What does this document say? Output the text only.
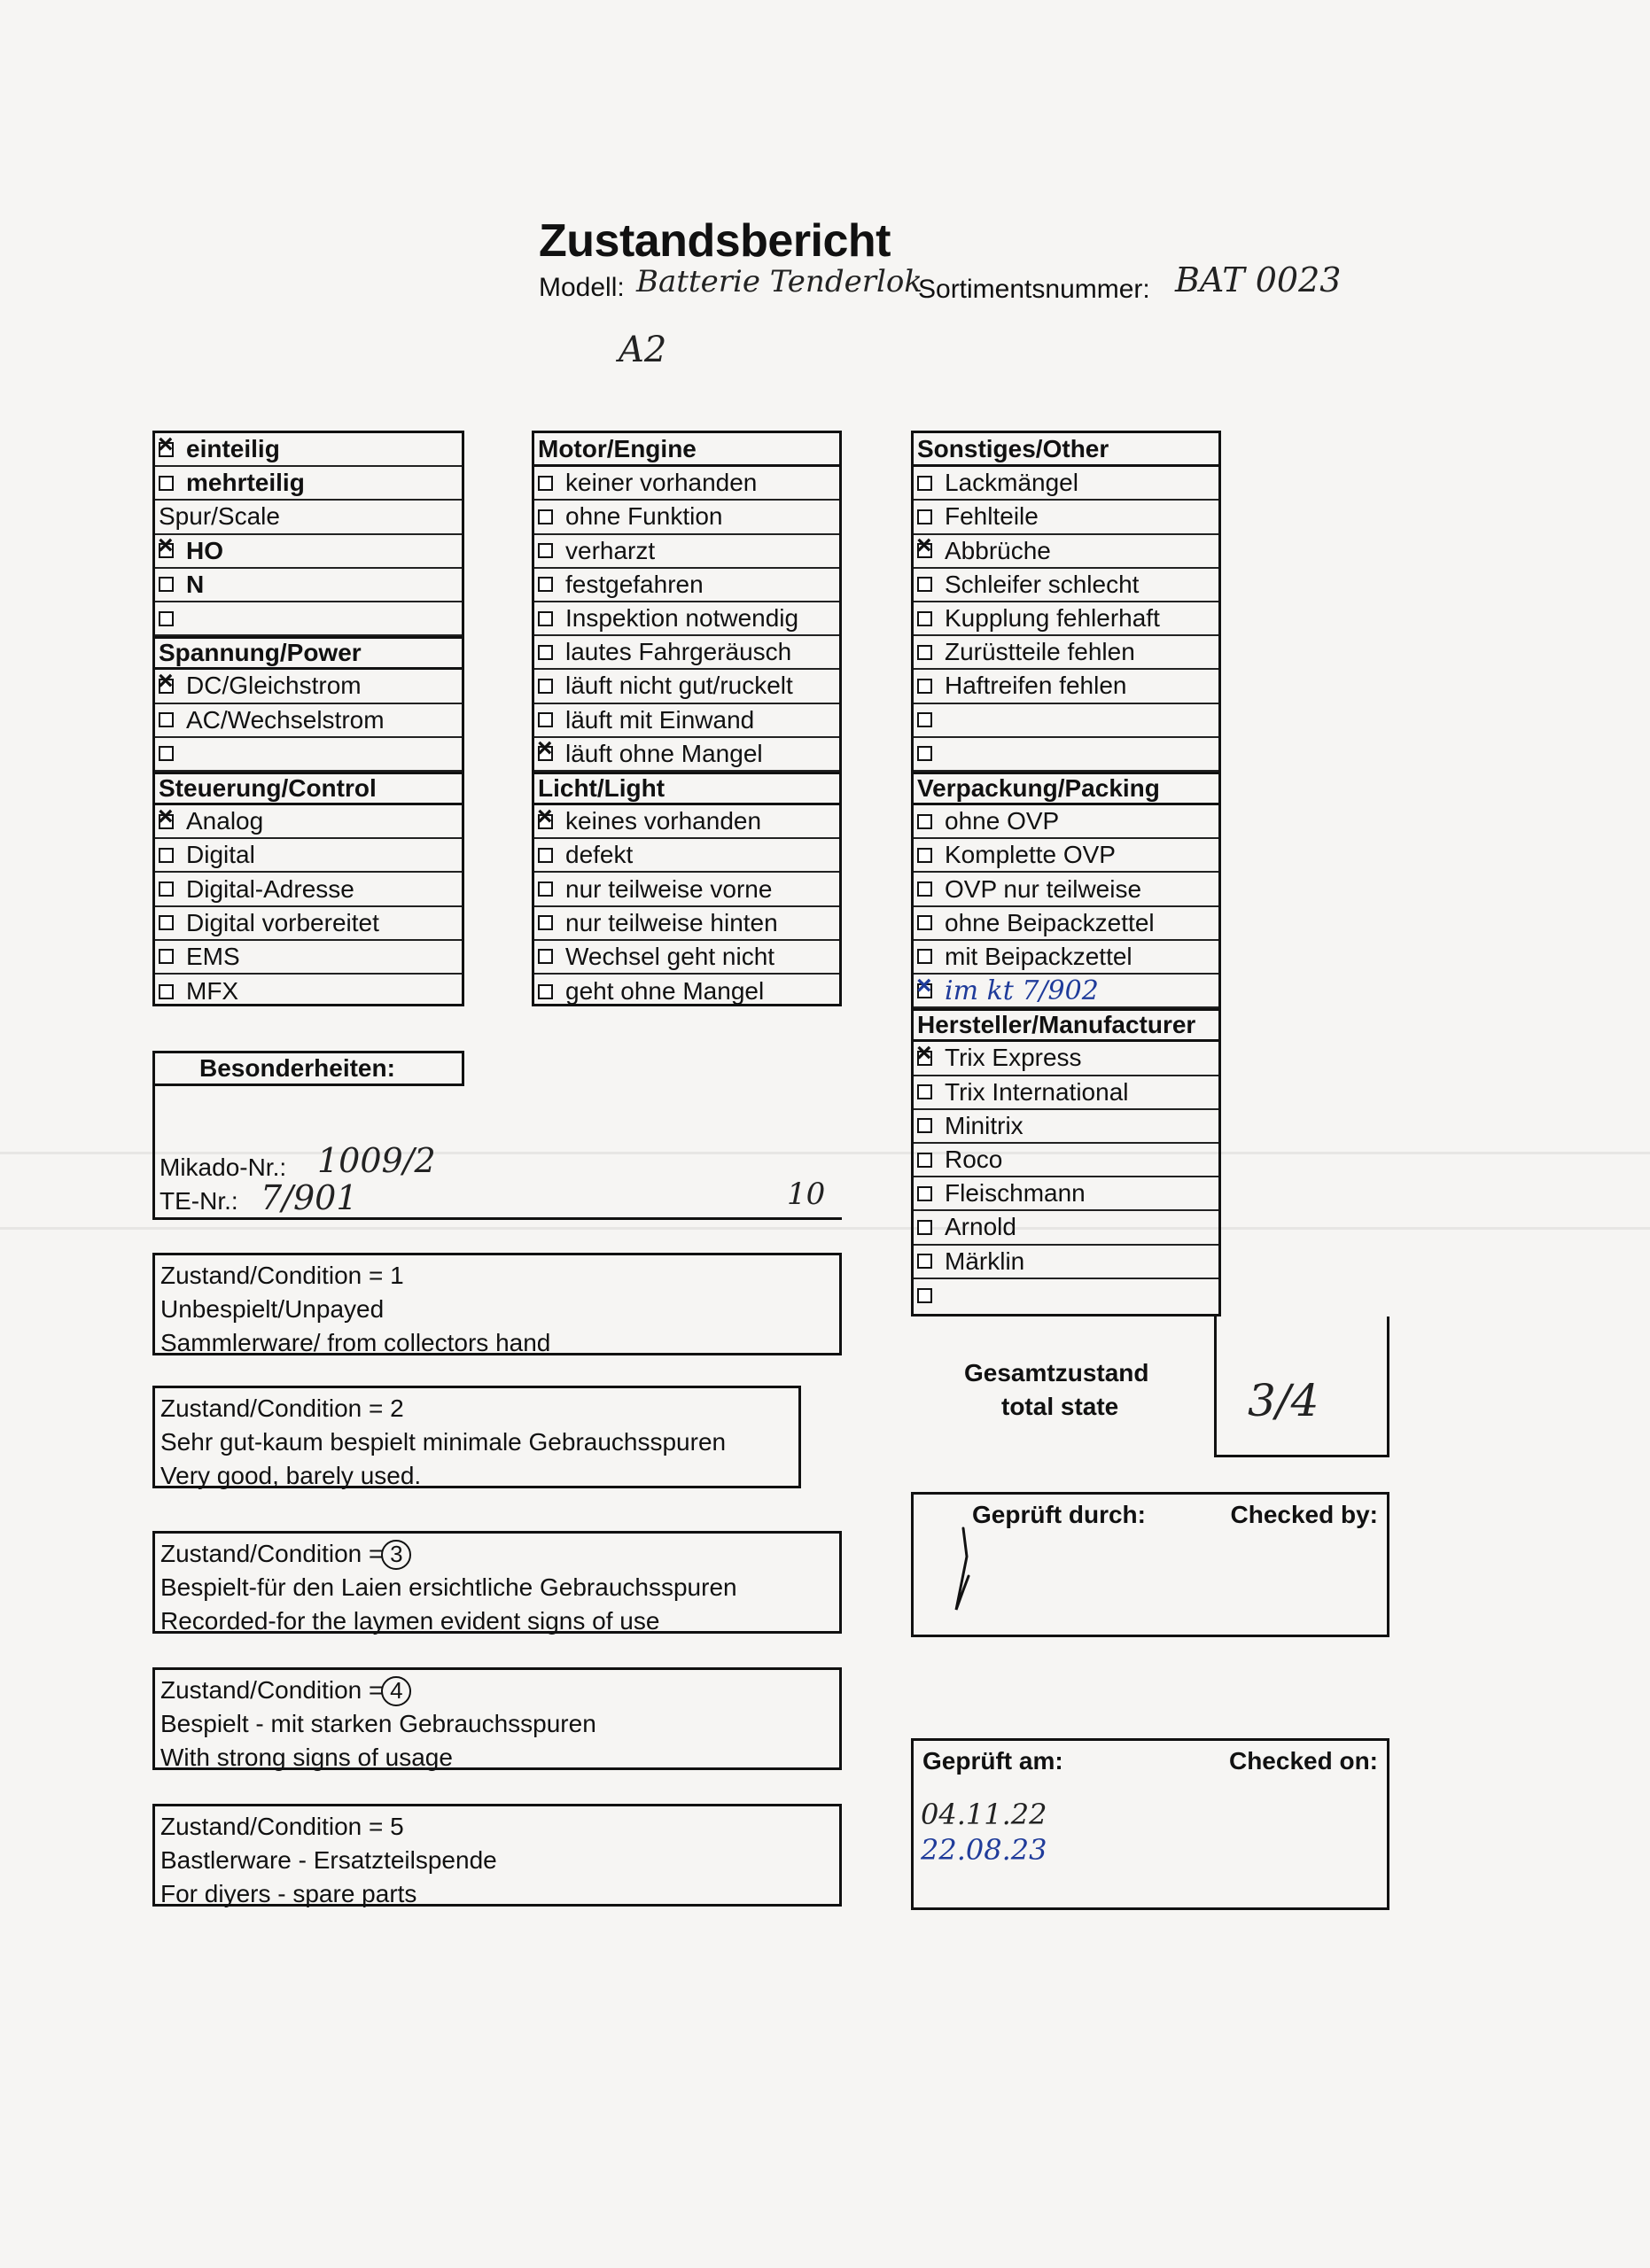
Zustandsbericht
Modell: Batterie Tenderlok
Sortimentsnummer: BAT 0023
A2
×
einteilig
mehrteilig
Spur/Scale
×
HO
N
Spannung/Power
×
DC/Gleichstrom
AC/Wechselstrom
Steuerung/Control
×
Analog
Digital
Digital-Adresse
Digital vorbereitet
EMS
MFX
Motor/Engine
keiner vorhanden
ohne Funktion
verharzt
festgefahren
Inspektion notwendig
lautes Fahrgeräusch
läuft nicht gut/ruckelt
läuft mit Einwand
×
läuft ohne Mangel
Licht/Light
×
keines vorhanden
defekt
nur teilweise vorne
nur teilweise hinten
Wechsel geht nicht
geht ohne Mangel
Sonstiges/Other
Lackmängel
Fehlteile
×
Abbrüche
Schleifer schlecht
Kupplung fehlerhaft
Zurüstteile fehlen
Haftreifen fehlen
Verpackung/Packing
ohne OVP
Komplette OVP
OVP nur teilweise
ohne Beipackzettel
mit Beipackzettel
×
im kt 7/902
Hersteller/Manufacturer
×
Trix Express
Trix International
Minitrix
Roco
Fleischmann
Arnold
Märklin
Besonderheiten:
Mikado-Nr.: 1009/2
TE-Nr.: 7/901	10
Zustand/Condition = 1
Unbespielt/Unpayed
Sammlerware/ from collectors hand
Zustand/Condition = 2
Sehr gut-kaum bespielt minimale Gebrauchsspuren
Very good, barely used.
Zustand/Condition = 3
Bespielt-für den Laien ersichtliche Gebrauchsspuren
Recorded-for the laymen evident signs of use
Zustand/Condition = 4
Bespielt - mit starken Gebrauchsspuren
With strong signs of usage
Zustand/Condition = 5
Bastlerware - Ersatzteilspende
For diyers - spare parts
Gesamtzustand
total state	3/4
Geprüft durch:	Checked by:
Geprüft am:	Checked on:
04.11.22
22.08.23
